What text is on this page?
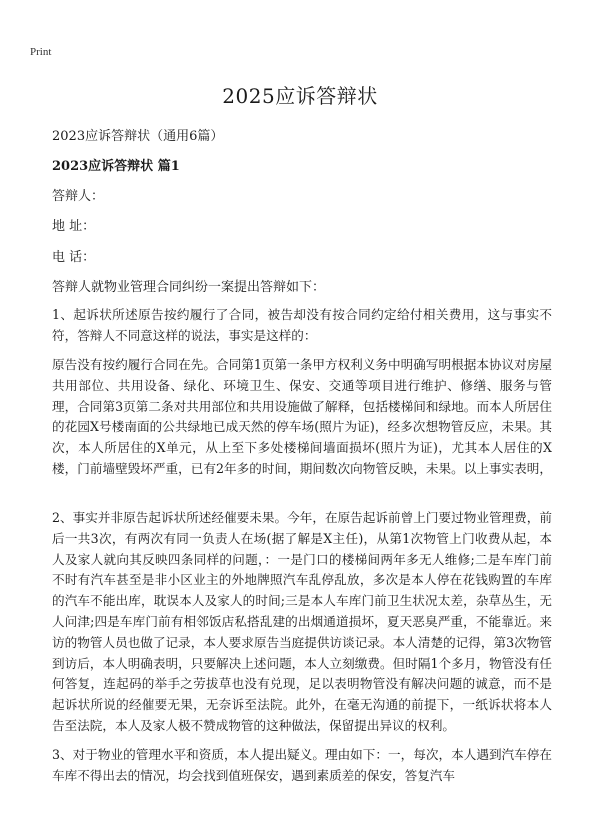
Print
2025应诉答辩状
2023应诉答辩状（通用6篇）
2023应诉答辩状 篇1
答辩人：
地 址：
电 话：
答辩人就物业管理合同纠纷一案提出答辩如下：
1、起诉状所述原告按约履行了合同，被告却没有按合同约定给付相关费用，这与事实不符，答辩人不同意这样的说法，事实是这样的：
原告没有按约履行合同在先。合同第1页第一条甲方权利义务中明确写明根据本协议对房屋共用部位、共用设备、绿化、环境卫生、保安、交通等项目进行维护、修缮、服务与管理，合同第3页第二条对共用部位和共用设施做了解释，包括楼梯间和绿地。而本人所居住的花园X号楼南面的公共绿地已成天然的停车场(照片为证)，经多次想物管反应，未果。其次，本人所居住的X单元，从上至下多处楼梯间墙面损坏(照片为证)，尤其本人居住的X楼，门前墙壁毁坏严重，已有2年多的时间，期间数次向物管反映，未果。以上事实表明，
2、事实并非原告起诉状所述经催要未果。今年，在原告起诉前曾上门要过物业管理费，前后一共3次，有两次有同一负责人在场(据了解是X主任)，从第1次物管上门收费从起，本人及家人就向其反映四条同样的问题，：一是门口的楼梯间两年多无人维修;二是车库门前不时有汽车甚至是非小区业主的外地牌照汽车乱停乱放，多次是本人停在花钱购置的车库的汽车不能出库，耽误本人及家人的时间;三是本人车库门前卫生状况太差，杂草丛生，无人问津;四是车库门前有相邻饭店私搭乱建的出烟通道损坏，夏天恶臭严重，不能靠近。来访的物管人员也做了记录，本人要求原告当庭提供访谈记录。本人清楚的记得，第3次物管到访后，本人明确表明，只要解决上述问题，本人立刻缴费。但时隔1个多月，物管没有任何答复，连起码的举手之劳拔草也没有兑现，足以表明物管没有解决问题的诚意，而不是起诉状所说的经催要无果，无奈诉至法院。此外，在毫无沟通的前提下，一纸诉状将本人告至法院，本人及家人极不赞成物管的这种做法，保留提出异议的权利。
3、对于物业的管理水平和资质，本人提出疑义。理由如下：一，每次，本人遇到汽车停在车库不得出去的情况，均会找到值班保安，遇到素质差的保安，答复汽车
